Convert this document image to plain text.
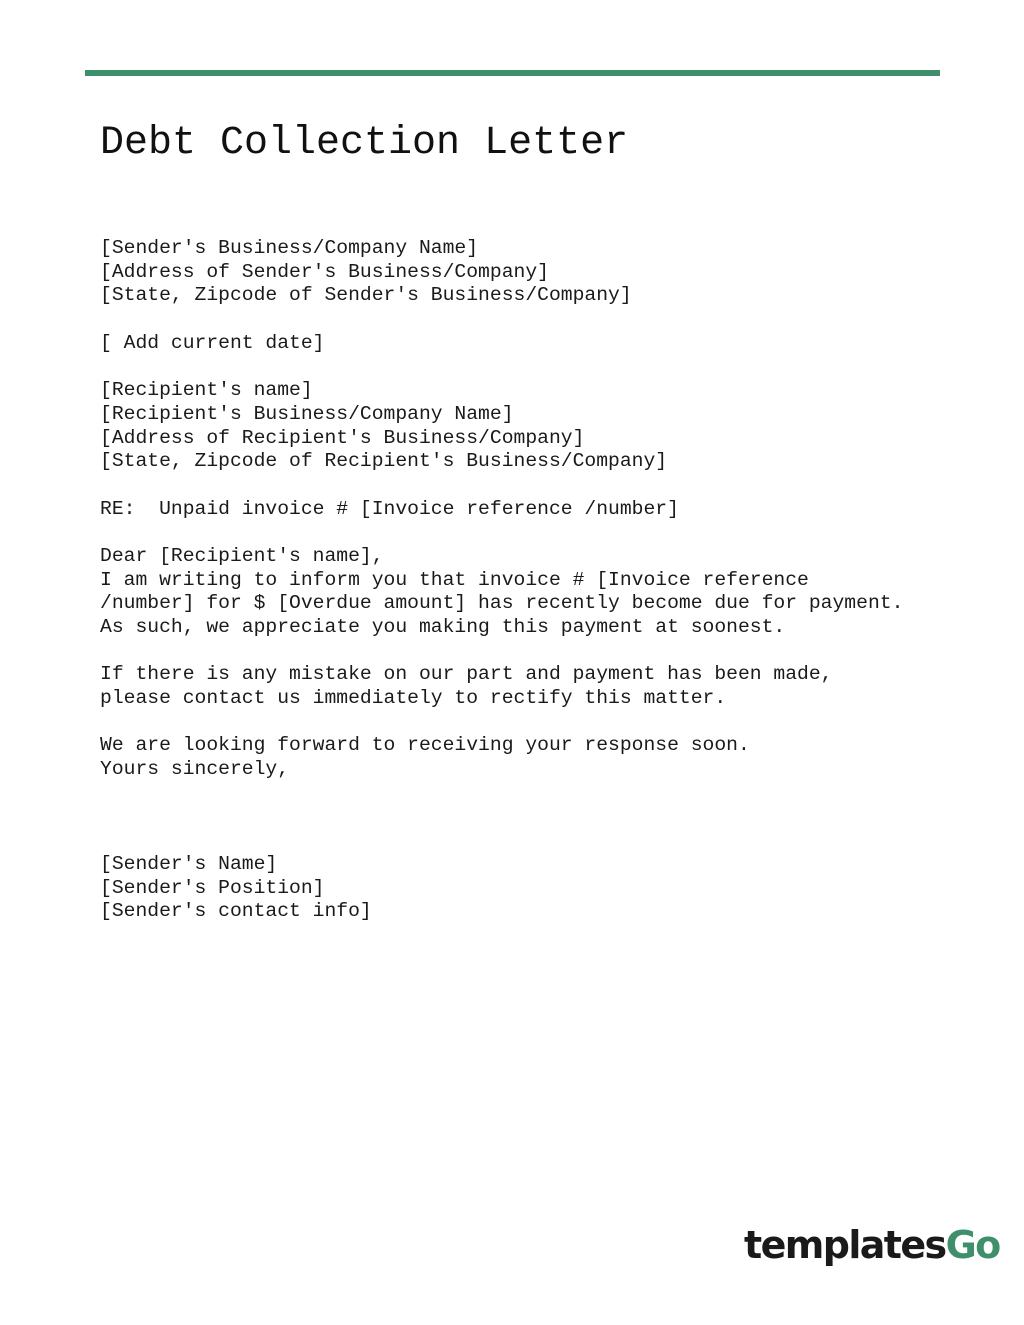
Debt Collection Letter
[Sender's Business/Company Name]
[Address of Sender's Business/Company]
[State, Zipcode of Sender's Business/Company]
[ Add current date]
[Recipient's name]
[Recipient's Business/Company Name]
[Address of Recipient's Business/Company]
[State, Zipcode of Recipient's Business/Company]
RE:  Unpaid invoice # [Invoice reference /number]
Dear [Recipient's name],
I am writing to inform you that invoice # [Invoice reference
/number] for $ [Overdue amount] has recently become due for payment.
As such, we appreciate you making this payment at soonest.
If there is any mistake on our part and payment has been made,
please contact us immediately to rectify this matter.
We are looking forward to receiving your response soon.
Yours sincerely,
[Sender's Name]
[Sender's Position]
[Sender's contact info]
templates Go
